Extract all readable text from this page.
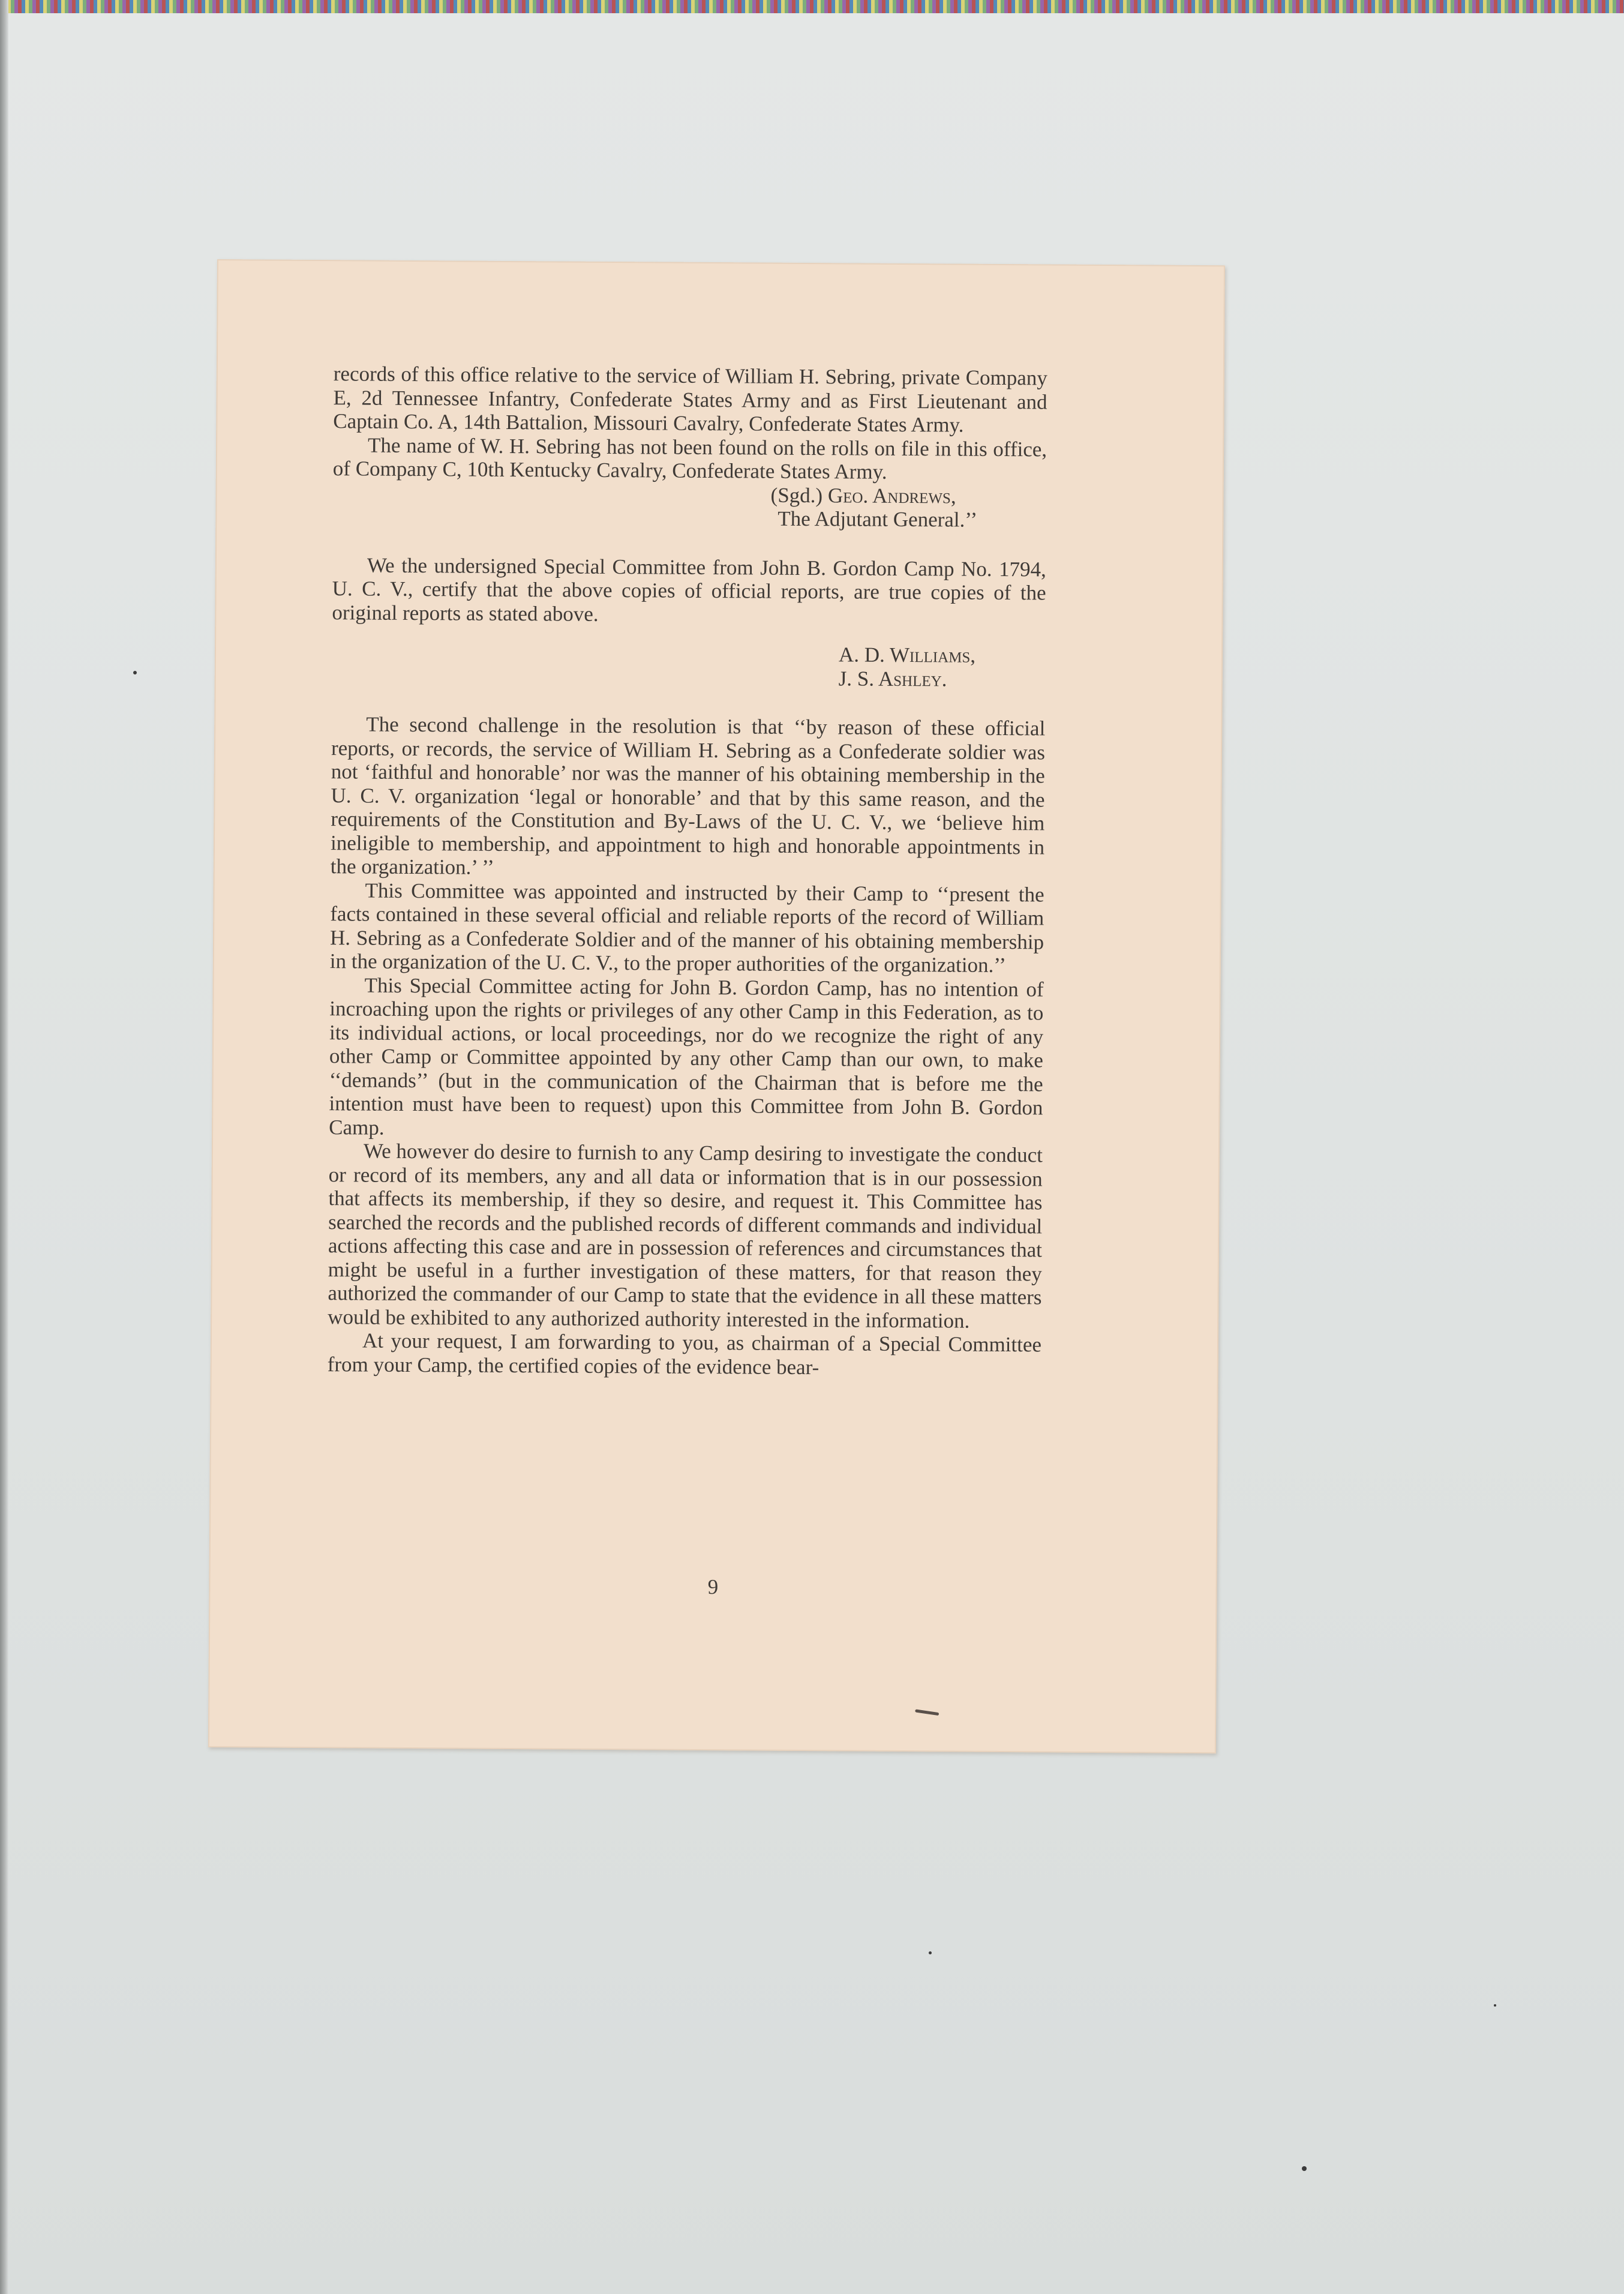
records of this office relative to the service of William H. Sebring, private Company E, 2d Tennessee Infantry, Confederate States Army and as First Lieutenant and Captain Co. A, 14th Battalion, Missouri Cavalry, Confederate States Army.

The name of W. H. Sebring has not been found on the rolls on file in this office, of Company C, 10th Kentucky Cavalry, Confederate States Army.

(Sgd.) Geo. Andrews,

The Adjutant General.’’

We the undersigned Special Committee from John B. Gordon Camp No. 1794, U. C. V., certify that the above copies of official reports, are true copies of the original reports as stated above.

A. D. Williams,

J. S. Ashley.

The second challenge in the resolution is that ‘‘by reason of these official reports, or records, the service of William H. Sebring as a Confederate soldier was not ‘faithful and honorable’ nor was the manner of his obtaining membership in the U. C. V. organization ‘legal or honorable’ and that by this same reason, and the requirements of the Constitution and By-Laws of the U. C. V., we ‘believe him ineligible to membership, and appointment to high and honorable appointments in the organization.’ ’’

This Committee was appointed and instructed by their Camp to ‘‘present the facts contained in these several official and reliable reports of the record of William H. Sebring as a Confederate Soldier and of the manner of his obtaining membership in the organization of the U. C. V., to the proper authorities of the organization.’’

This Special Committee acting for John B. Gordon Camp, has no intention of incroaching upon the rights or privileges of any other Camp in this Federation, as to its individual actions, or local proceedings, nor do we recognize the right of any other Camp or Committee appointed by any other Camp than our own, to make ‘‘demands’’ (but in the communication of the Chairman that is before me the intention must have been to request) upon this Committee from John B. Gordon Camp.

We however do desire to furnish to any Camp desiring to investigate the conduct or record of its members, any and all data or information that is in our possession that affects its membership, if they so desire, and request it. This Committee has searched the records and the published records of different commands and individual actions affecting this case and are in possession of references and circumstances that might be useful in a further investigation of these matters, for that reason they authorized the commander of our Camp to state that the evidence in all these matters would be exhibited to any authorized authority interested in the information.

At your request, I am forwarding to you, as chairman of a Special Committee from your Camp, the certified copies of the evidence bear-

9
